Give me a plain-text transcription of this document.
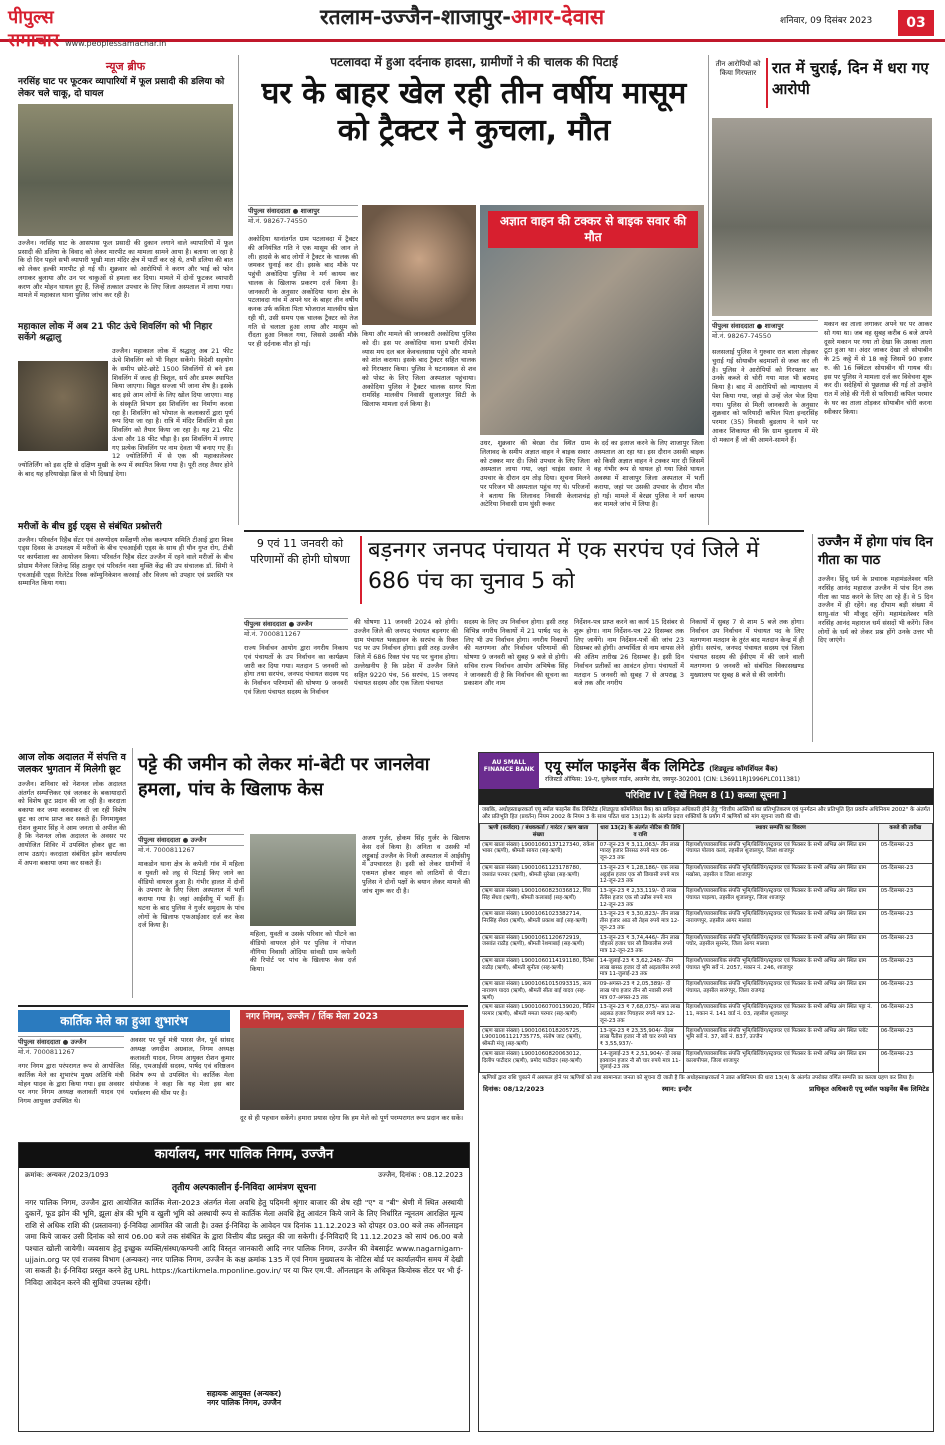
पीपुल्स समाचार www.peoplessamachar.in
रतलाम-उज्जैन-शाजापुर-आगर-देवास	शनिवार, 09 दिसंबर 2023	03
न्यूज ब्रीफ
नरसिंह घाट पर फूटकर व्यापारियों में फूल प्रसादी की डलिया को लेकर चले चाकू, दो घायल
उज्जैन। नरसिंह घाट के आसपास फूल प्रसादी की दुकान लगाने वाले व्यापारियों में फूल प्रसादी की डलिया के विवाद को लेकर मारपीट का मामला सामने आया है। बताया जा रहा है कि दो दिन पहले सभी व्यापारी भूखी माता मंदिर क्षेत्र में पार्टी कर रहे थे, तभी डलिया की बात को लेकर हल्की मारपीट हो गई थी। शुक्रवार को आरोपियों ने करण और भाई को फोन लगाकर बुलाया और उन पर चाकुओं से हमला कर दिया। मामले में दोनों फूटकर व्यापारी करण और मोहन घायल हुए हैं, जिन्हें तत्काल उपचार के लिए जिला अस्पताल में लाया गया। मामले में महाकाल थाना पुलिस जांच कर रही है।
महाकाल लोक में अब 21 फीट ऊंचे शिवलिंग को भी निहार सकेंगे श्रद्धालु
उज्जैन। महाकाल लोक में श्रद्धालु अब 21 फीट ऊंचे शिवलिंग को भी निहार सकेंगे। विदेशी सहयोग के समीप छोटे-छोटे 1500 शिवलिंगों से बने इस शिवलिंग में जल्द ही त्रिशूल, सर्प और डमरू स्थापित किया जाएगा। विद्युत सज्जा भी जाना शेष है। इसके बाद इसे आम लोगों के लिए खोल दिया जाएगा। माह के संस्कृति विभाग इस शिवलिंग का निर्माण करवा रहा है। शिवलिंग को भोपाल के कलाकारों द्वारा पूर्ण रूप दिया जा रहा है। रात्रि में मंदिर शिवलिंग से इस शिवलिंग को तैयार किया जा रहा है। यह 21 फीट ऊंचा और 18 फीट चौड़ा है। इस शिवलिंग में लगाए गए प्रत्येक शिवलिंग पर नाम देवता भी बनाए गए हैं। 12 ज्योतिर्लिंगों में से एक श्री महाकालेश्वर ज्योतिर्लिंग को इस दृष्टि से दक्षिण मुखी के रूप में स्थापित किया गया है। पूरी तरह तैयार होने के बाद यह हरियाखेड़ा ब्रिज से भी दिखाई देगा।
मरीजों के बीच हुई एड्स से संबंधित प्रश्नोत्तरी
उज्जैन। परिवर्तन रिहैब सेंटर एवं अरुणोदय सर्वेक्षणी लोक कल्याण समिति टीआई द्वारा विश्व एड्स दिवस के उपलक्ष्य में मरीजों के बीच एचआईवी एड्स के साथ ही यौन गुप्त रोग, टीबी पर कार्यशाला का आयोजन किया। परिवर्तन रिहैब सेंटर उज्जैन में रहने वाले मरीजों के बीच प्रोग्राम मैनेजर जितेन्द्र सिंह ठाकुर एवं परिवर्तन नशा मुक्ति केंद्र की उप संचालक डॉ. सिमी ने एचआईवी एड्स रिलेटेड रिस्क कॉम्युनिकेशन करवाई और विजय को उपहार एवं प्रशस्ति पत्र सम्मानित किया गया।
पटलावदा में हुआ दर्दनाक हादसा, ग्रामीणों ने की चालक की पिटाई
घर के बाहर खेल रही तीन वर्षीय मासूम को ट्रैक्टर ने कुचला, मौत
पीपुल्स संवाददाता ● शाजापुर
मो.नं. 98267-74550
अकोदिया थानांतर्गत ग्राम पटलावदा में ट्रैक्टर की अनियंत्रित गति ने एक मासूम की जान ले ली। हादसे के बाद लोगों ने ट्रैक्टर के चालक की जमकर धुनाई कर दी। इसके बाद मौके पर पहुंची अकोदिया पुलिस ने मर्ग कायम कर चालक के खिलाफ प्रकरण दर्ज किया है। जानकारी के अनुसार अकोदिया थाना क्षेत्र के पटलावदा गांव में अपने घर के बाहर तीन वर्षीय कनक उर्फ कविता पिता भोजराज मालवीय खेल रही थी, उसी समय एक चालक ट्रैक्टर को तेज गति से चलाता हुआ लाया और मासूम को रौंदता हुआ निकल गया, जिससे उसकी मौके पर ही दर्दनाक मौत हो गई।
किया और मामले की जानकारी अकोदिया पुलिस को दी। इस पर अकोदिया थाना प्रभारी दीपेश व्यास मय दल बल केवचलसास पहुंचे और मामले को शांत कराया। इसके बाद ट्रैक्टर सहित चालक को गिरफ्तार किया। पुलिस ने घटनास्थल से शव को पोस्ट के लिए जिला अस्पताल पहुंचाया। अकोदिया पुलिस ने ट्रैक्टर चालक सागर पिता रामसिंह मालवीय निवासी सुजालपुर सिटी के खिलाफ मामला दर्ज किया है।
अज्ञात वाहन की टक्कर से बाइक सवार की मौत
उधर, शुक्रवार की बेरछा रोड स्थित ग्राम लिलावद के समीप अज्ञात वाहन ने बाइक सवार को टक्कर मार दी। जिसे उपचार के लिए जिला अस्पताल लाया गया, जहां चाइंस सवार ने उपचार के दौरान दम तोड़ दिया। सूचना मिलने पर परिजन भी अस्पताल पहुंच गए थे। परिजनों ने बताया कि लिलावद निवासी केलाशचंद्र अटेरिया निवासी ग्राम घुंसी रूकर
के दर्द का इलाज करने के लिए शाजापुर जिला अस्पताल आ रहा था। इस दौरान उसकी बाइक को किसी अज्ञात वाहन ने टक्कर मार दी जिसमें वह गंभीर रूप से घायल हो गया जिसे घायल अवस्था में शाजापुर जिला अस्पताल में भर्ती कराया, जहां पर उसकी उपचार के दौरान मौत हो गई। मामले में बेरछा पुलिस ने मर्ग कायम कर मामले जांच में लिया है।
तीन आरोपियों को किया गिरफ्तार	रात में चुराई, दिन में धरा गए आरोपी
पीपुल्स संवाददाता ● शाजापुर
मो.नं. 98267-74550
सलसलाई पुलिस ने गुरुवार रात बाला तोड़कर चुराई गई सोयाबीन बदमाशों से जब्त कर ली है। पुलिस ने आरोपियों को गिरफ्तार कर उनके कब्जे से चोरी गया माल भी बरामद किया है। बाद में आरोपियों को न्यायालय में पेश किया गया, जहां से उन्हें जेल भेज दिया गया। पुलिस से मिली जानकारी के अनुसार शुक्रवार को फरियादी कपिल पिता इन्दरसिंह परमार (35) निवासी बुडलाय ने थाने पर आकर शिकायत की कि ग्राम बुडलाय में मेरे दो मकान हैं जो की आमने-सामने हैं।
मकान का ताला लगाकर अपने घर पर आकर सो गया था। जब वह सुबह करीब 6 बजे अपने दूसरे मकान पर गया तो देखा कि उसका ताला टूटा हुआ था। अंदर जाकर देखा तो सोयाबीन के 25 कट्टे में से 18 कट्टे जिसमें 90 हजार रु. की 16 क्विंटल सोयाबीन थी गायब थी। इस पर पुलिस ने मामला दर्ज कर विवेचना शुरू कर दी। सदेहियों से पूछताछ की गई तो उन्होंने रात में लोहे की गेंती से फरियादी कपिल परमार के घर का ताला तोड़कर सोयाबीन चोरी करना स्वीकार किया।
9 एवं 11 जनवरी को परिणामों की होगी घोषणा बड़नगर जनपद पंचायत में एक सरपंच एवं जिले में 686 पंच का चुनाव 5 को
पीपुल्स संवाददाता ● उज्जैन
मो.नं. 7000811267
राज्य निर्वाचन आयोग द्वारा नगरीय निकाय एवं पंचायतों के उप निर्वाचन का कार्यक्रम जारी कर दिया गया। मतदान 5 जनवरी को होगा तथा सरपंच, जनपद पंचायत सदस्य पद के निर्वाचन परिणामों की घोषणा 9 जनवरी एवं जिला पंचायत सदस्य के निर्वाचन
की घोषणा 11 जनवरी 2024 को होगी। उज्जैन जिले की जनपद पंचायत बड़नगर की ग्राम पंचायत भकड़ावन के सरपंच के रिक्त पद पर उप निर्वाचन होगा। इसी तरह उज्जैन जिले में 686 रिक्त पंच पद पर चुनाव होगा। उल्लेखनीय है कि प्रदेश में उज्जैन जिले सहित 9220 पंच, 56 सरपंच, 15 जनपद पंचायत सदस्य और एक जिला पंचायत
सदस्य के लिए उप निर्वाचन होगा। इसी तरह विभिन्न नगरीय निकायों में 21 पार्षद पद के लिए भी उप निर्वाचन होगा। नगरीय निकायों की मतगणना और निर्वाचन परिणामों की घोषणा 9 जनवरी को सुबह 9 बजे से होगी। सचिव राज्य निर्वाचन आयोग अभिषेक सिंह ने जानकारी दी है कि निर्वाचन की सूचना का प्रकाशन और नाम
निर्देशन-पत्र प्राप्त करने का कार्य 15 दिसंबर से शुरू होगा। नाम निर्देशन-पत्र 22 दिसम्बर तक लिए जायेंगे। नाम निर्देशन-पत्रों की जांच 23 दिसम्बर को होगी। अभ्यर्थिता से नाम वापस लेने की अंतिम तारीख 26 दिसम्बर है। इसी दिन निर्वाचन प्रतीकों का आवंटन होगा। पंचायतों में मतदान 5 जनवरी को सुबह 7 से अपराह्न 3 बजे तक और नगरीय
निकायों में सुबह 7 से शाम 5 बजे तक होगा। निर्वाचन उप निर्वाचन में पंचायत पद के लिए मतगणना मतदान के तुरंत बाद मतदान केन्द्र में ही होगी। सरपंच, जनपद पंचायत सदस्य एवं जिला पंचायत सदस्य की ईवीएम में की जाने वाली मतगणना 9 जनवरी को संबंधित विकासखण्ड मुख्यालय पर सुबह 8 बजे से की जायेगी।
उज्जैन में होगा पांच दिन गीता का पाठ
उज्जैन। हिंदू धर्म के प्रचारक महामंडलेश्वर यति नरसिंह आनंद महाराज उज्जैन में पांच दिन तक गीता का पाठ करने के लिए आ रहे हैं। वे 5 दिन उज्जैन में ही रहेंगे। वह दीपाम बड़ी संख्या में साधु-संत भी मौजूद रहेंगे। महामंडलेश्वर यति नरसिंह आनंद महाराज धर्म संसदों भी करेंगे। जिन लोगों के धर्म को लेकर प्रश्न होंगे उनके उत्तर भी दिए जाएंगे।
आज लोक अदालत में संपत्ति व जलकर भुगतान में मिलेगी छूट
उज्जैन। शनिवार को नेशनल लोक अदालत अंतर्गत सम्पत्तिकर एवं जलकर के बकायादारों को विशेष छूट प्रदान की जा रही है। करदाता बकाया कर जमा करवाकर दी जा रही विशेष छूट का लाभ प्राप्त कर सकते हैं। निगमायुक्त रोशन कुमार सिंह ने आम जनता से अपील की है कि नेशनल लोक अदालत के अवसर पर आयोजित शिविर में उपस्थित होकर छूट का लाभ उठाएं। करदाता संबंधित झोन कार्यालय में अपना बकाया जमा कर सकते हैं।
पट्टे की जमीन को लेकर मां-बेटी पर जानलेवा हमला, पांच के खिलाफ केस
पीपुल्स संवाददाता ● उज्जैन
मो.नं. 7000811267
माकडोन थाना क्षेत्र के कपेली गांव में महिला व युवती को लट्ठ से पिटाई किए जाने का वीडियो वायरल हुआ है। गंभीर हालत में दोनों के उपचार के लिए जिला अस्पताल में भर्ती कराया गया है। जहां आईसीयू में भर्ती हैं। घटना के बाद पुलिस ने गुर्जर समुदाय के पांच लोगों के खिलाफ एफआईआर दर्ज कर केस दर्ज किया है।
महिला, युवती व उसके परिवार को पीटने का वीडियो वायरल होने पर पुलिस ने गोपाल नौगिया निवासी ओदिया सांवडी ग्राम कपेली की रिपोर्ट पर पांच के खिलाफ केस दर्ज किया।
अजय गुर्जर, होकम सिंह गुर्जर के खिलाफ केस दर्ज किया है। अनिता व उसकी माँ लड्डूबाई उज्जैन के निजी अस्पताल में आईसीयू में उपचाररत है। इसी को लेकर ग्रामीणों ने एकमत होकर वाहन को लाठियों से पीटा। पुलिस ने दोनों पक्षों के बयान लेकर मामले की जांच शुरू कर दी है।
कार्तिक मेले का हुआ शुभारंभ
पीपुल्स संवाददाता ● उज्जैन
मो.नं. 7000811267
नगर निगम द्वारा परंपरागत रूप से आयोजित कार्तिक मेले का शुभारंभ मुख्य अतिथि मंत्री मोहन यादव के द्वारा किया गया। इस अवसर पर नगर निगम अध्यक्ष कलावती यादव एवं निगम आयुक्त उपस्थित थे।
अवसर पर पूर्व मंत्री पारस जैन, पूर्व सांसद अध्यक्ष जगदीश अग्रवाल, निगम अध्यक्ष कलावती यादव, निगम आयुक्त रोशन कुमार सिंह, एमआईसी सदस्य, पार्षद एवं वरिष्ठजन विशेष रूप से उपस्थित थे। कार्तिक मेला संयोजक ने कहा कि यह मेला इस बार पर्यावरण की थीम पर है।
नगर निगम, उज्जैन / र्तिक मेला 2023
दूर से ही पहचान सकेंगे। हमारा प्रयास रहेगा कि हम मेले को पूर्ण परम्परागत रूप प्रदान कर सकें।
कार्यालय, नगर पालिक निगम, उज्जैन
क्रमांक: अन्यकर /2023/1093	उज्जैन, दिनांक : 08.12.2023
तृतीय अल्पकालीन ई-निविदा आमंत्रण सूचना
नगर पालिक निगम, उज्जैन द्वारा आयोजित कार्तिक मेला-2023 अंतर्गत मेला अवधि हेतु पदिमनी श्रृंगार बाजार की शेष रही "ए" व "बी" श्रेणी में स्थित अस्थायी दुकानें, फूड झोन की भूमि, झूला क्षेत्र की भूमि व खुली भूमि को अस्थायी रूप से कार्तिक मेला अवधि हेतु आवंटन किये जाने के लिए निर्धारित न्यूनतम आरक्षित मूल्य राशि से अधिक राशि की (प्रस्तावना) ई-निविदा आमंत्रित की जाती है। उक्त ई-निविदा के आवेदन पत्र दिनांक 11.12.2023 को दोपहर 03.00 बजे तक ऑनलाइन जमा किये जाकर उसी दिनांक को सायं 06.00 बजे तक संबंधित के द्वारा वित्तीय बीड प्रस्तुत की जा सकेगी। ई-निविदाएँ दि 11.12.2023 को सायं 06.00 बजे पश्चात खोली जायेगी। व्यवसाय हेतु इच्छुक व्यक्ति/संस्था/कम्पनी आदि विस्तृत जानकारी आदि नगर पालिक निगम, उज्जैन की वेबसाईट www.nagarnigam-ujjain.org पर एवं राजस्व विभाग (अन्यकर) नगर पालिक निगम, उज्जैन के कक्ष क्रमांक 135 में एवं निगम मुख्यालय के नोटिस बोर्ड पर कार्यालयीन समय में देखी जा सकती है। ई-निविदा प्रस्तुत करने हेतु URL https://kartikmela.mponline.gov.in/ पर या फिर एम.पी. ऑनलाइन के अधिकृत कियोस्क सेंटर पर भी ई-निविदा आवेदन करने की सुविधा उपलब्ध रहेगी।
सहायक आयुक्त (अन्यकर)
नगर पालिक निगम, उज्जैन
AU SMALL FINANCE BANK एयू स्मॉल फाइनेंस बैंक लिमिटेड (शिड्यूल्ड कॉमर्शियल बैंक)
रजिस्टर्ड ऑफिस: 19-ए, धुलेश्वर गार्डन, अजमेर रोड, जयपुर-302001 (CIN: L36911RJ1996PLC011381)
परिशिष्ट IV [ देखें नियम 8 (1) कब्जा सूचना ]
जबकि, अधोहस्ताक्षरकर्ता एयू स्मॉल फाइनेंस बैंक लिमिटेड (शिड्यूल्ड कॉमर्शियल बैंक) का प्राधिकृत अधिकारी होने हेतु "वित्तीय आस्तियों का प्रतिभूतिकरण एवं पुनर्गठन और प्रतिभूति हित प्रवर्तन अधिनियम 2002" के अंतर्गत और प्रतिभूति हित (प्रवर्तन) नियम 2002 के नियम 3 के साथ पठित धारा 13(12) के अंतर्गत प्रदत्त शक्तियों के प्रयोग में ऋणियों को मांग सूचना जारी की थी।
ऋणी (कर्जदार) / बंधककर्ता / गारंटर / ऋण खाता संख्या	धारा 13(2) के अंतर्गत नोटिस की तिथि व राशि	स्थावर सम्पत्ति का विवरण	कब्जे की तारीख
(ऋण खाता संख्या) L9001060137127340, राकेश भाबर (ऋणी), श्रीमती सायरा (सह-ऋणी)	07-जून-23 ₹ 3,11,063/- तीन लाख ग्यारह हजार तिरसठ रुपये मात्र 06-जून-23 तक	रिहायशी/व्यावसायिक संपत्ति भूमि/बिल्डिंग/स्ट्रक्चर एवं फिक्सर के सभी अभिन्न अंग स्थित ग्राम पंचायत पोलाय कलां, तहसील शुजालपुर, जिला शाजापुर	05-दिसम्बर-23
(ऋण खाता संख्या) L9001061123178780, जसवंत परमार (ऋणी), श्रीमती सुरेखा (सह-ऋणी)	13-जून-23 ₹ 1,28,186/- एक लाख अट्ठाईस हजार एक सौ छियासी रुपये मात्र 12-जून-23 तक	रिहायशी/व्यावसायिक संपत्ति भूमि/बिल्डिंग/स्ट्रक्चर एवं फिक्सर के सभी अभिन्न अंग स्थित ग्राम मखोसा, तहसील व जिला शाजापुर	05-दिसम्बर-23
(ऋण खाता संख्या) L9001060823036812, शिव सिंह सेंधव (ऋणी), श्रीमती कलाबाई (सह-ऋणी)	13-जून-23 ₹ 2,33,119/- दो लाख तैंतीस हजार एक सौ उन्नीस रुपये मात्र 12-जून-23 तक	रिहायशी/व्यावसायिक संपत्ति भूमि/बिल्डिंग/स्ट्रक्चर एवं फिक्सर के सभी अभिन्न अंग स्थित ग्राम पंचायत पाड़ल्या, तहसील शुजालपुर, जिला शाजापुर	05-दिसम्बर-23
(ऋण खाता संख्या) L9001061023382714, निरसिंह सेंधव (ऋणी), श्रीमती प्रकाश बाई (सह-ऋणी)	13-जून-23 ₹ 3,30,823/- तीन लाख तीस हजार आठ सौ तेइस रुपये मात्र 12-जून-23 तक	रिहायशी/व्यावसायिक संपत्ति भूमि/बिल्डिंग/स्ट्रक्चर एवं फिक्सर के सभी अभिन्न अंग स्थित ग्राम नारायणपुर, तहसील आगर मालवा	05-दिसम्बर-23
(ऋण खाता संख्या) L9001061120672919, जसवंत राठौड़ (ऋणी), श्रीमती रेशमाबाई (सह-ऋणी)	13-जून-23 ₹ 3,74,446/- तीन लाख चौहत्तर हजार चार सौ छियालीस रुपये मात्र 12-जून-23 तक	रिहायशी/व्यावसायिक संपत्ति भूमि/बिल्डिंग/स्ट्रक्चर एवं फिक्सर के सभी अभिन्न अंग स्थित ग्राम पचोर, तहसील सुसनेर, जिला आगर मालवा	05-दिसम्बर-23
(ऋण खाता संख्या) L9001060114191180, दिनेश राठौड़ (ऋणी), श्रीमती सुनीता (सह-ऋणी)	14-जुलाई-23 ₹ 3,62,248/- तीन लाख बासठ हजार दो सौ अड़तालीस रुपये मात्र 11-जुलाई-23 तक	रिहायशी/व्यावसायिक संपत्ति भूमि/बिल्डिंग/स्ट्रक्चर एवं फिक्सर के सभी अभिन्न अंग स्थित ग्राम पंचायत भूमि सर्वे नं. 2057, मकान नं. 246, शाजापुर	05-दिसम्बर-23
(ऋण खाता संख्या) L9001061015093315, सत्य नारायण यादव (ऋणी), श्रीमती सीता बाई यादव (सह-ऋणी)	09-अगस्त-23 ₹ 2,05,389/- दो लाख पांच हजार तीन सौ नवासी रुपये मात्र 07-अगस्त-23 तक	रिहायशी/व्यावसायिक संपत्ति भूमि/बिल्डिंग/स्ट्रक्चर एवं फिक्सर के सभी अभिन्न अंग स्थित ग्राम पंचायत, तहसील सारंगपुर, जिला राजगढ़	06-दिसम्बर-23
(ऋण खाता संख्या) L9001060700139020, नितिन परमार (ऋणी), श्रीमती ममता परमार (सह-ऋणी)	13-जून-23 ₹ 7,68,075/- सात लाख अड़सठ हजार पिचहत्तर रुपये मात्र 12-जून-23 तक	रिहायशी/व्यावसायिक संपत्ति भूमि/बिल्डिंग/स्ट्रक्चर एवं फिक्सर के सभी अभिन्न अंग स्थित पट्टा नं. 11, मकान नं. 141 वार्ड नं. 03, तहसील शुजालपुर	06-दिसम्बर-23
(ऋण खाता संख्या) L9001061018205725, L9001061121735775, संतोष जाट (ऋणी), श्रीमती मंजू (सह-ऋणी)	13-जून-23 ₹ 23,35,904/- तेइस लाख पैंतीस हजार नौ सौ चार रुपये मात्र ₹ 3,55,937/-	रिहायशी/व्यावसायिक संपत्ति भूमि/बिल्डिंग/स्ट्रक्चर एवं फिक्सर के सभी अभिन्न अंग स्थित प्लॉट भूमि सर्वे नं. 37, सर्वे नं. 837, उज्जैन	06-दिसम्बर-23
(ऋण खाता संख्या) L9001060820063012, दिलीप पाटीदार (ऋणी), प्रमोद पाटीदार (सह-ऋणी)	14-जुलाई-23 ₹ 2,51,904/- दो लाख इक्यावन हजार नौ सौ चार रुपये मात्र 11-जुलाई-23 तक	रिहायशी/व्यावसायिक संपत्ति भूमि/बिल्डिंग/स्ट्रक्चर एवं फिक्सर के सभी अभिन्न अंग स्थित ग्राम कालापीपल, जिला शाजापुर	06-दिसम्बर-23
ऋणियों द्वारा राशि चुकाने में असफल होने पर ऋणियों को तथा सामान्यतः जनता को सूचना दी जाती है कि अधोहस्ताक्षरकर्ता ने उक्त अधिनियम की धारा 13(4) के अंतर्गत उपरोक्त वर्णित सम्पत्ति का कब्जा ग्रहण कर लिया है।
दिनांक: 08/12/2023	स्थान: इन्दौर	प्राधिकृत अधिकारी एयू स्मॉल फाइनेंस बैंक लिमिटेड
